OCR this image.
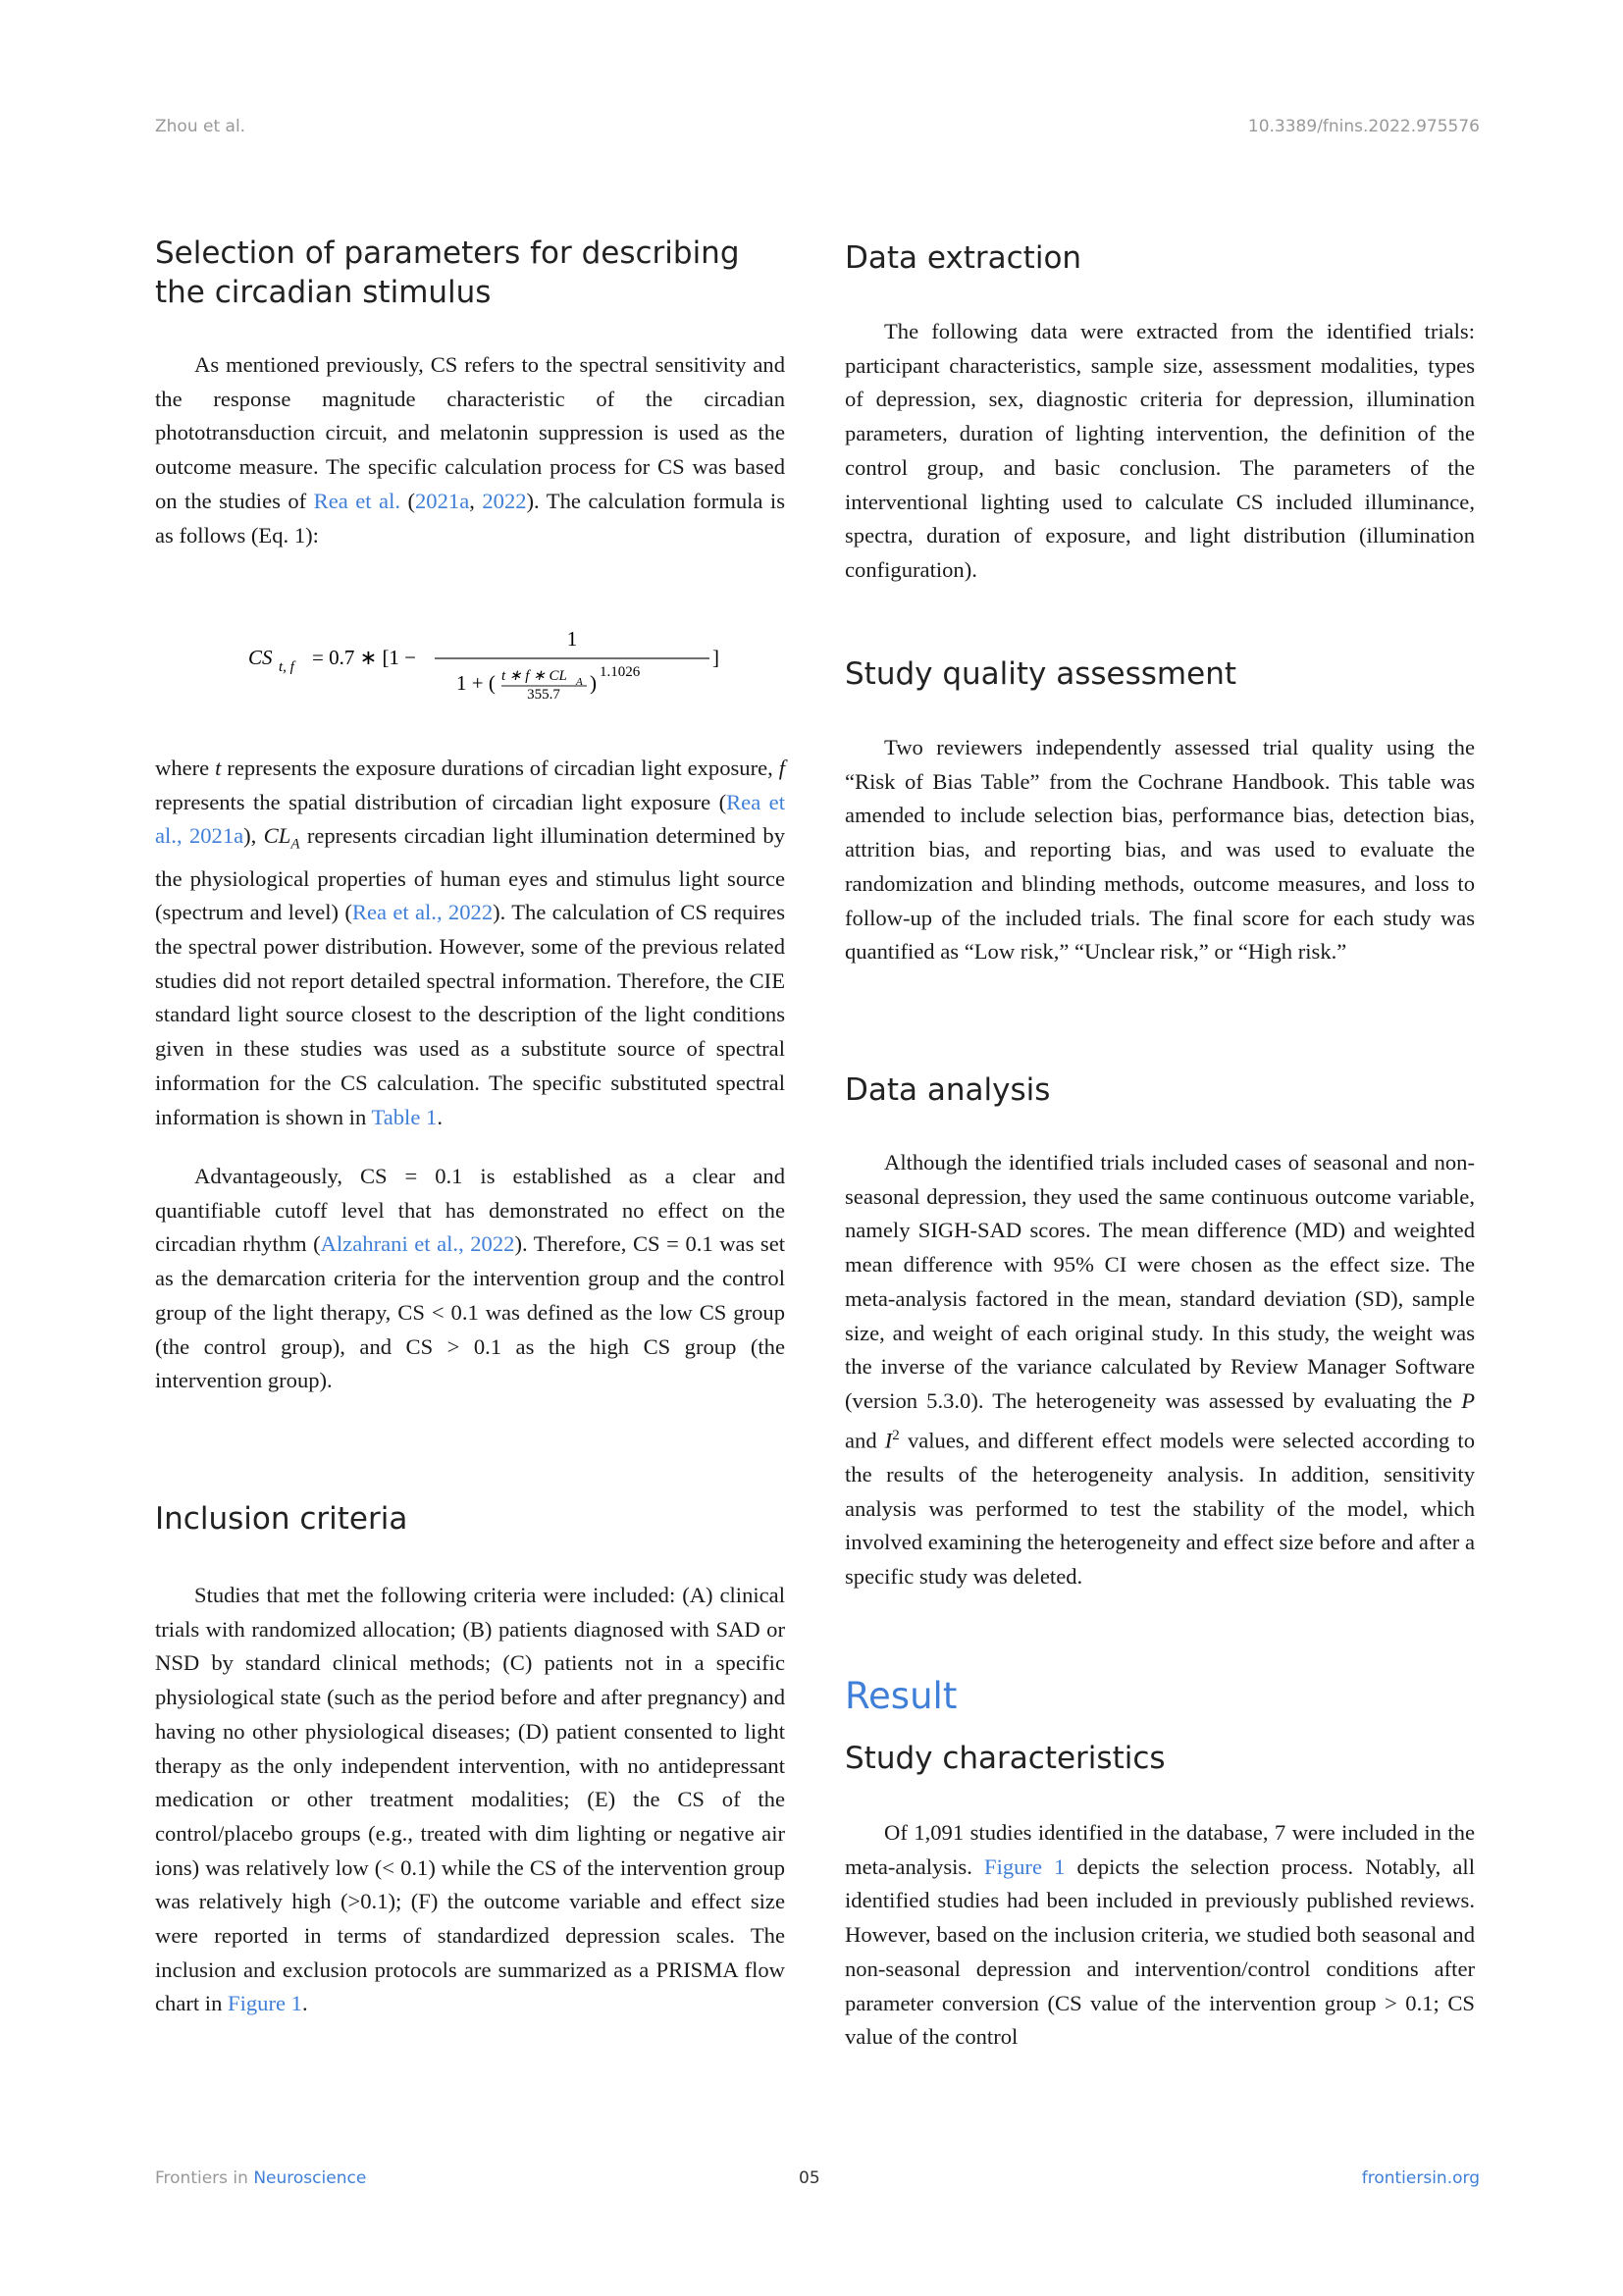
Zhou et al.	10.3389/fnins.2022.975576
Selection of parameters for describing the circadian stimulus

As mentioned previously, CS refers to the spectral sensitivity and the response magnitude characteristic of the circadian phototransduction circuit, and melatonin suppression is used as the outcome measure. The specific calculation process for CS was based on the studies of Rea et al. (2021a, 2022). The calculation formula is as follows (Eq. 1):

CS t, f = 0.7 ∗ [1 −
1
1 + ( t ∗ f ∗ CL A
355.7 ) 1.1026
]

where t represents the exposure durations of circadian light exposure, f represents the spatial distribution of circadian light exposure (Rea et al., 2021a), $CL_A$ represents circadian light illumination determined by the physiological properties of human eyes and stimulus light source (spectrum and level) (Rea et al., 2022). The calculation of CS requires the spectral power distribution. However, some of the previous related studies did not report detailed spectral information. Therefore, the CIE standard light source closest to the description of the light conditions given in these studies was used as a substitute source of spectral information for the CS calculation. The specific substituted spectral information is shown in Table 1.

Advantageously, CS = 0.1 is established as a clear and quantifiable cutoff level that has demonstrated no effect on the circadian rhythm (Alzahrani et al., 2022). Therefore, CS = 0.1 was set as the demarcation criteria for the intervention group and the control group of the light therapy, CS < 0.1 was defined as the low CS group (the control group), and CS > 0.1 as the high CS group (the intervention group).

Inclusion criteria

Studies that met the following criteria were included: (A) clinical trials with randomized allocation; (B) patients diagnosed with SAD or NSD by standard clinical methods; (C) patients not in a specific physiological state (such as the period before and after pregnancy) and having no other physiological diseases; (D) patient consented to light therapy as the only independent intervention, with no antidepressant medication or other treatment modalities; (E) the CS of the control/placebo groups (e.g., treated with dim lighting or negative air ions) was relatively low (< 0.1) while the CS of the intervention group was relatively high (>0.1); (F) the outcome variable and effect size were reported in terms of standardized depression scales. The inclusion and exclusion protocols are summarized as a PRISMA flow chart in Figure 1.

Data extraction

The following data were extracted from the identified trials: participant characteristics, sample size, assessment modalities, types of depression, sex, diagnostic criteria for depression, illumination parameters, duration of lighting intervention, the definition of the control group, and basic conclusion. The parameters of the interventional lighting used to calculate CS included illuminance, spectra, duration of exposure, and light distribution (illumination configuration).

Study quality assessment

Two reviewers independently assessed trial quality using the “Risk of Bias Table” from the Cochrane Handbook. This table was amended to include selection bias, performance bias, detection bias, attrition bias, and reporting bias, and was used to evaluate the randomization and blinding methods, outcome measures, and loss to follow-up of the included trials. The final score for each study was quantified as “Low risk,” “Unclear risk,” or “High risk.”

Data analysis

Although the identified trials included cases of seasonal and non-seasonal depression, they used the same continuous outcome variable, namely SIGH-SAD scores. The mean difference (MD) and weighted mean difference with 95% CI were chosen as the effect size. The meta-analysis factored in the mean, standard deviation (SD), sample size, and weight of each original study. In this study, the weight was the inverse of the variance calculated by Review Manager Software (version 5.3.0). The heterogeneity was assessed by evaluating the P and $I^2$ values, and different effect models were selected according to the results of the heterogeneity analysis. In addition, sensitivity analysis was performed to test the stability of the model, which involved examining the heterogeneity and effect size before and after a specific study was deleted.

Result
Study characteristics

Of 1,091 studies identified in the database, 7 were included in the meta-analysis. Figure 1 depicts the selection process. Notably, all identified studies had been included in previously published reviews. However, based on the inclusion criteria, we studied both seasonal and non-seasonal depression and intervention/control conditions after parameter conversion (CS value of the intervention group > 0.1; CS value of the control

Frontiers in Neuroscience	05	frontiersin.org
